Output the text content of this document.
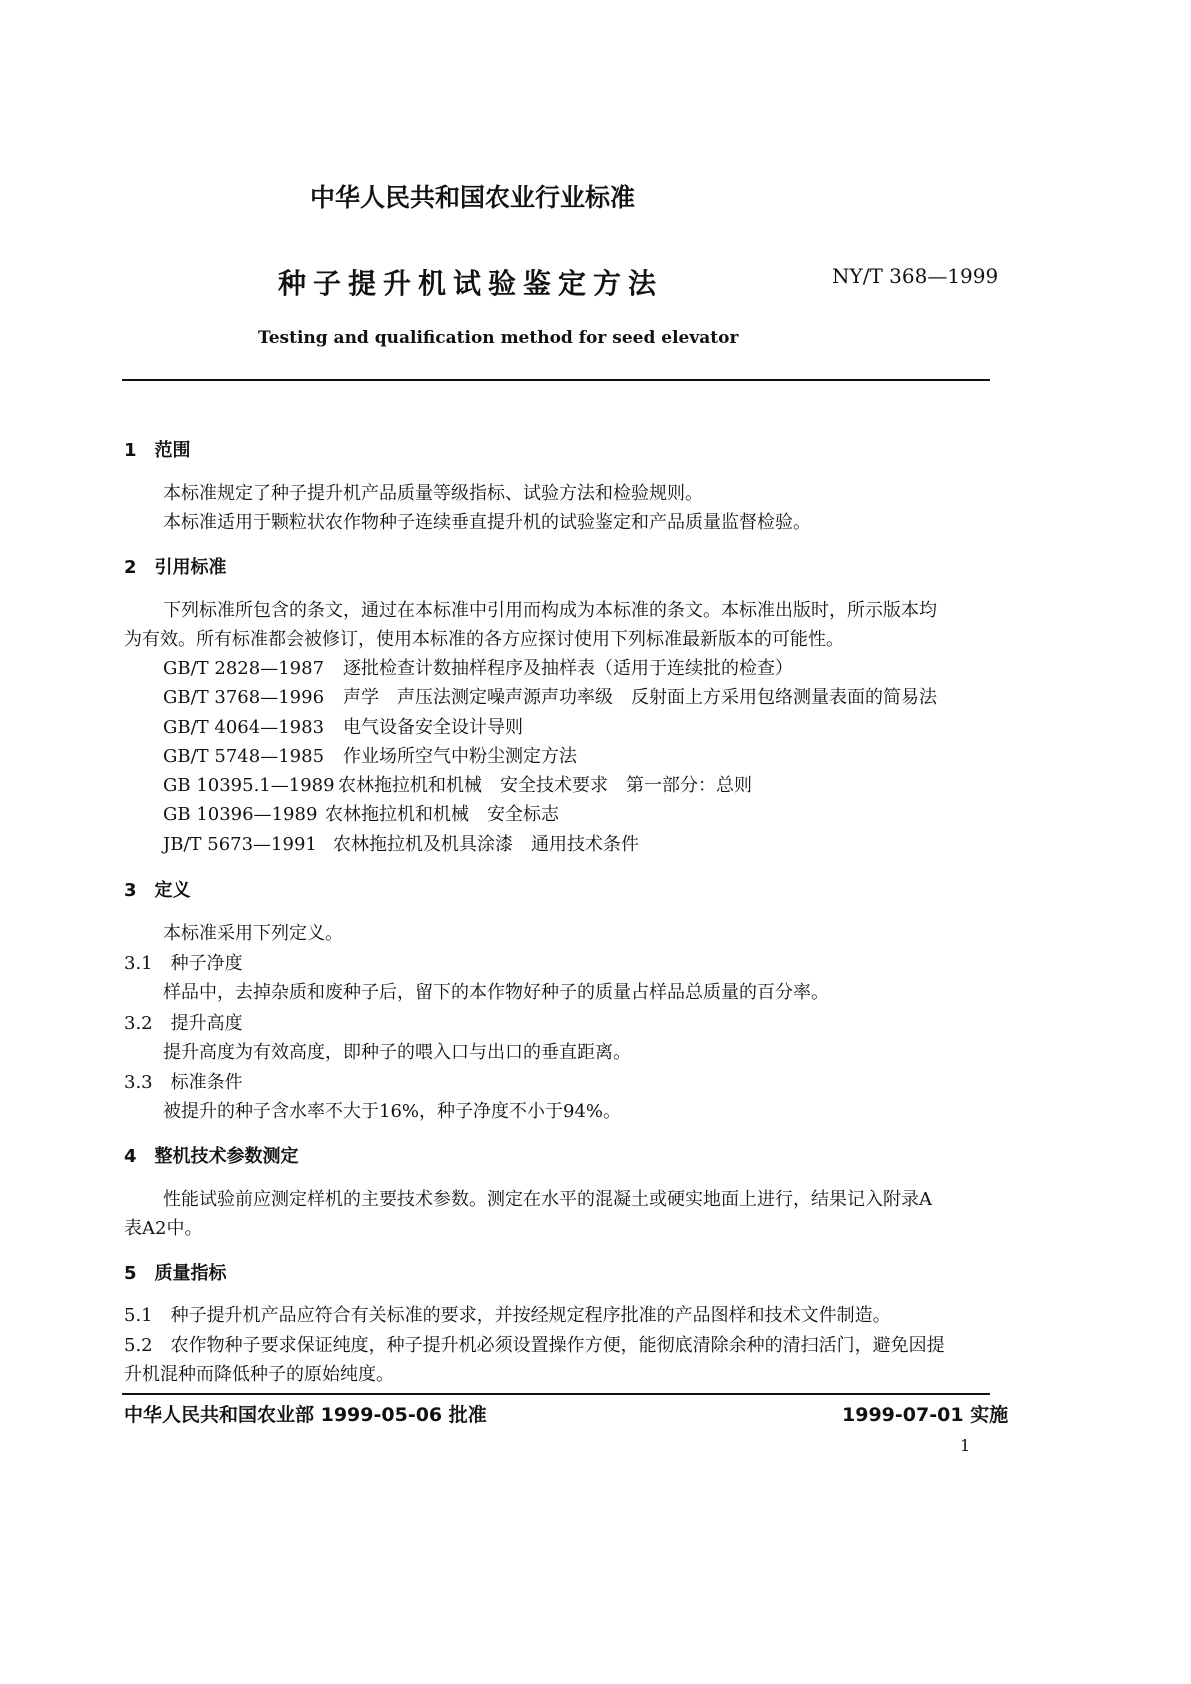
中华人民共和国农业行业标准
种子提升机试验鉴定方法	NY/T 368—1999
Testing and qualification method for seed elevator
1　范围
本标准规定了种子提升机产品质量等级指标、试验方法和检验规则。
本标准适用于颗粒状农作物种子连续垂直提升机的试验鉴定和产品质量监督检验。
2　引用标准
下列标准所包含的条文，通过在本标准中引用而构成为本标准的条文。本标准出版时，所示版本均
为有效。所有标准都会被修订，使用本标准的各方应探讨使用下列标准最新版本的可能性。
GB/T 2828—1987 逐批检查计数抽样程序及抽样表（适用于连续批的检查）
GB/T 3768—1996 声学　声压法测定噪声源声功率级　反射面上方采用包络测量表面的简易法
GB/T 4064—1983 电气设备安全设计导则
GB/T 5748—1985 作业场所空气中粉尘测定方法
GB 10395.1—1989 农林拖拉机和机械　安全技术要求　第一部分：总则
GB 10396—1989 农林拖拉机和机械　安全标志
JB/T 5673—1991 农林拖拉机及机具涂漆　通用技术条件
3　定义
本标准采用下列定义。
3.1　种子净度
样品中，去掉杂质和废种子后，留下的本作物好种子的质量占样品总质量的百分率。
3.2　提升高度
提升高度为有效高度，即种子的喂入口与出口的垂直距离。
3.3　标准条件
被提升的种子含水率不大于16%，种子净度不小于94%。
4　整机技术参数测定
性能试验前应测定样机的主要技术参数。测定在水平的混凝土或硬实地面上进行，结果记入附录A
表A2中。
5　质量指标
5.1　种子提升机产品应符合有关标准的要求，并按经规定程序批准的产品图样和技术文件制造。
5.2　农作物种子要求保证纯度，种子提升机必须设置操作方便，能彻底清除余种的清扫活门，避免因提
升机混种而降低种子的原始纯度。
中华人民共和国农业部 1999-05-06 批准	1999-07-01 实施
1
